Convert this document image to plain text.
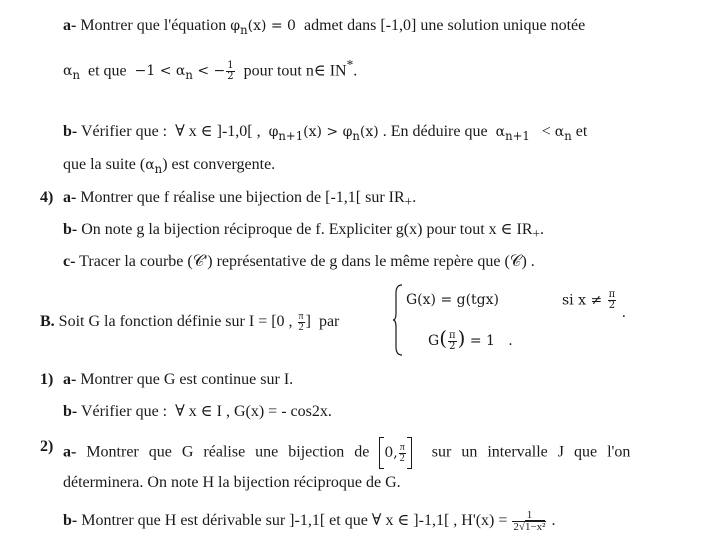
a- Montrer que l'équation $\varphi_n(x) = 0$  admet dans [-1,0] une solution unique notée
$\alpha_n$  et que  $-1 < \alpha_n$ < − $\frac{1}{2}$ pour tout n∈ IN*.
b- Vérifier que :  ∀ x ∈ ]-1,0[ ,  $\varphi_{n+1}(x) > \varphi_n(x)$ . En déduire que  $\alpha_{n+1} < \alpha_n$ et
que la suite $(\alpha_n)$ est convergente.
4) a- Montrer que f réalise une bijection de [-1,1[ sur $IR_+$.
b- On note g la bijection réciproque de f. Expliciter g(x) pour tout x ∈ $IR_+$.
c- Tracer la courbe (𝒞') représentative de g dans le même repère que (𝒞) .
B. Soit G la fonction définie sur I = [0 , $\frac{\pi}{2}$ ]  par
G(x) = g(tgx)	si $x \ne \frac{\pi}{2}$
.
$G( \frac{\pi}{2}$ ) = 1   .
1) a- Montrer que G est continue sur I.
b- Vérifier que :  ∀ x ∈ I , G(x) = - cos2x.
2) a- Montrer que G réalise une bijection de 0, $\frac{\pi}{2}$ sur un intervalle J que l'on
déterminera. On note H la bijection réciproque de G.
b- Montrer que H est dérivable sur ]-1,1[ et que ∀ x ∈ ]-1,1[ , $H'(x) = \frac{1}{\text{2√1−x²}}$ .
